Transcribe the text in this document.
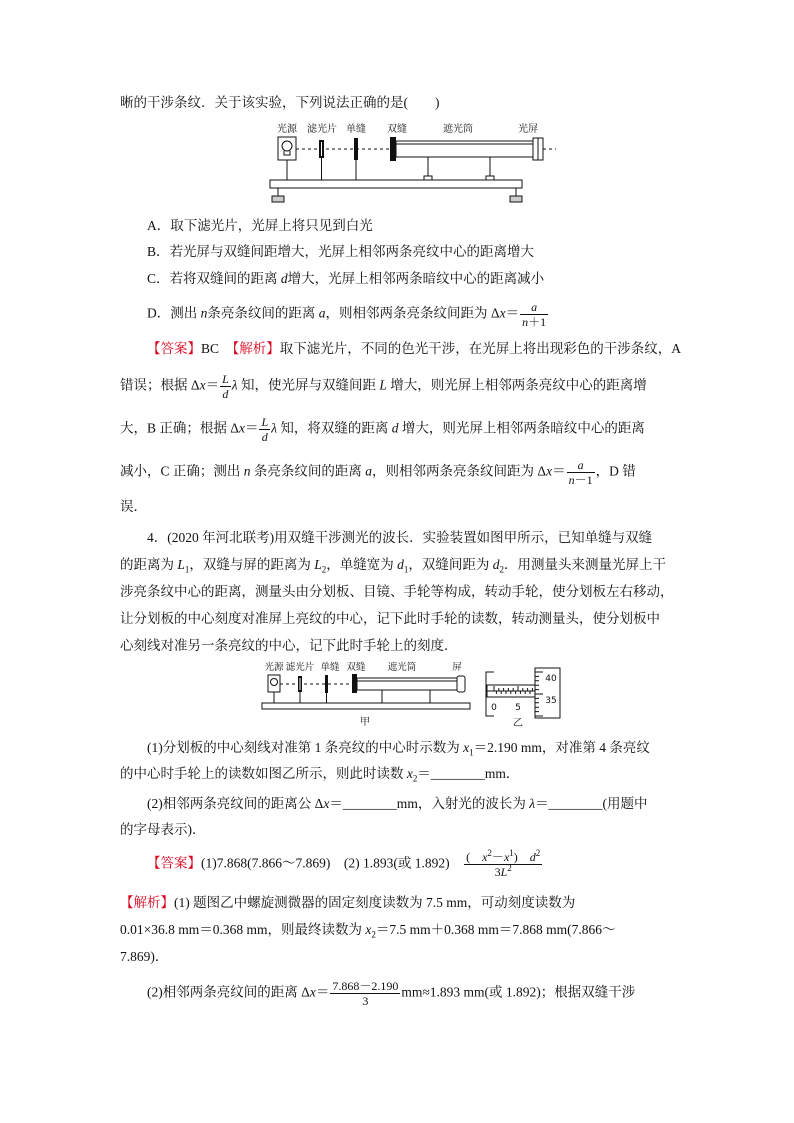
晰的干涉条纹．关于该实验，下列说法正确的是(　　)
光源 滤光片 单缝 双缝	遮光筒	光屏
A．取下滤光片，光屏上将只见到白光
B．若光屏与双缝间距增大，光屏上相邻两条亮纹中心的距离增大
C．若将双缝间的距离 d增大，光屏上相邻两条暗纹中心的距离减小
D．测出 n条亮条纹间的距离 a，则相邻两条亮条纹间距为 $\Delta x= \frac{a}{n+1}$
【答案】BC　【解析】取下滤光片，不同的色光干涉，在光屏上将出现彩色的干涉条纹，A
错误；根据 $\Delta x= \frac{L}{d}$ λ 知，使光屏与双缝间距 L 增大，则光屏上相邻两条亮纹中心的距离增
大，B 正确；根据 $\Delta x= \frac{L}{d}$ λ 知，将双缝的距离 d 增大，则光屏上相邻两条暗纹中心的距离
减小，C 正确；测出 n 条亮条纹间的距离 a，则相邻两条亮条纹间距为 $\Delta x= \frac{a}{n-1}$ ，D 错
误．
4．(2020 年河北联考)用双缝干涉测光的波长．实验装置如图甲所示，已知单缝与双缝
的距离为 $L_1$，双缝与屏的距离为 $L_2$，单缝宽为 $d_1$，双缝间距为 $d_2$．用测量头来测量光屏上干
涉亮条纹中心的距离，测量头由分划板、目镜、手轮等构成，转动手轮，使分划板左右移动，
让分划板的中心刻度对准屏上亮纹的中心，记下此时手轮的读数，转动测量头，使分划板中
心刻线对准另一条亮纹的中心，记下此时手轮上的刻度．
光源 滤光片 单缝 双缝 遮光筒	屏
甲
40
35
0 5
乙
(1)分划板的中心刻线对准第 1 条亮纹的中心时示数为 $x_1=2.190$ mm，对准第 4 条亮纹
的中心时手轮上的读数如图乙所示，则此时读数 $x_2=\_\_\_\_\_\_\_\_mm$．
(2)相邻两条亮纹间的距离公 Δx＝________mm，入射光的波长为 λ＝________(用题中
的字母表示)．
【答案】(1)7.868(7.866～7.869)　(2) 1.893(或 1.892)　 $\frac{( x^2-x^1) d^2}{3L^2}$
【解析】(1) 题图乙中螺旋测微器的固定刻度读数为 7.5 mm，可动刻度读数为
0.01×36.8 mm＝0.368 mm，则最终读数为 $x_2=7.5$ mm＋0.368 mm＝7.868 mm(7.866～
7.869)．
(2)相邻两条亮纹间的距离 $\Delta x= \frac{7.868-2.190}{3} mm\approx 1.893$ mm(或 1.892)；根据双缝干涉
